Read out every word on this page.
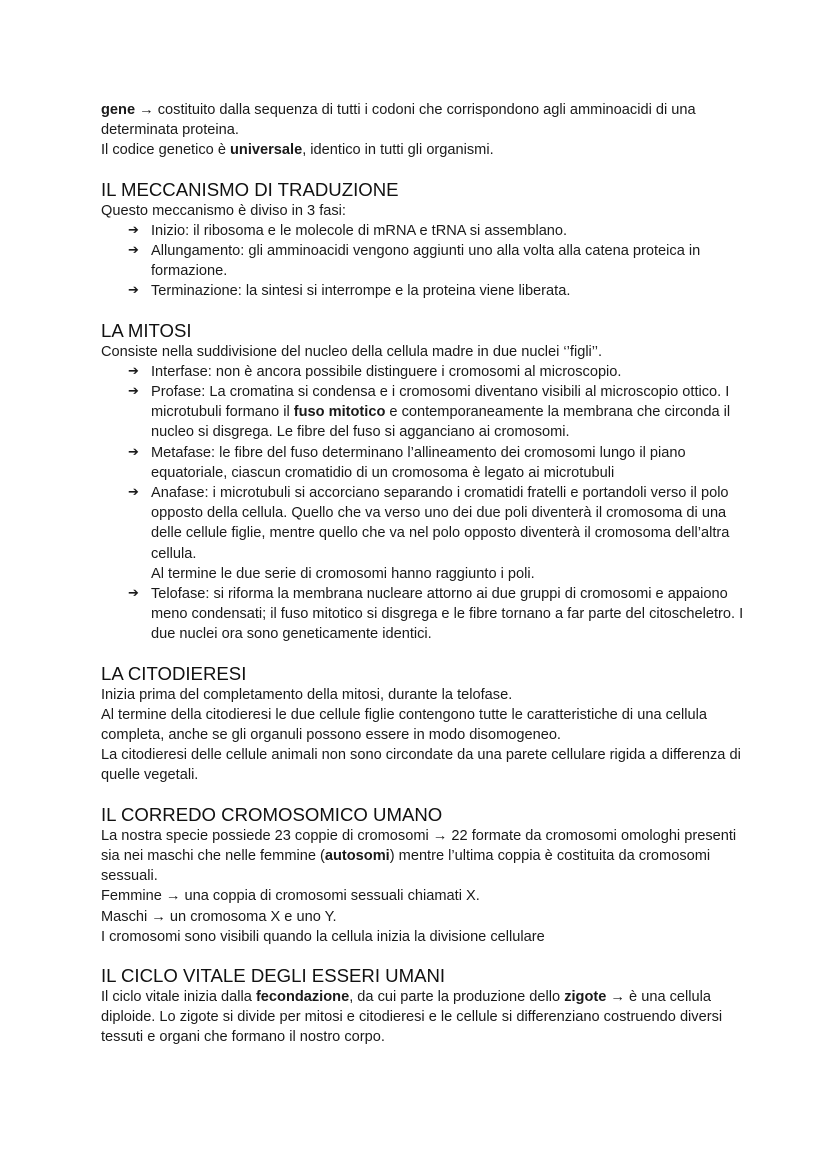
gene → costituito dalla sequenza di tutti i codoni che corrispondono agli amminoacidi di una determinata proteina.

Il codice genetico è universale, identico in tutti gli organismi.

IL MECCANISMO DI TRADUZIONE

Questo meccanismo è diviso in 3 fasi:

➔ Inizio: il ribosoma e le molecole di mRNA e tRNA si assemblano.
➔ Allungamento: gli amminoacidi vengono aggiunti uno alla volta alla catena proteica in formazione.
➔ Terminazione: la sintesi si interrompe e la proteina viene liberata.
LA MITOSI

Consiste nella suddivisione del nucleo della cellula madre in due nuclei ‘’figli’’.

➔ Interfase: non è ancora possibile distinguere i cromosomi al microscopio.
➔ Profase: La cromatina si condensa e i cromosomi diventano visibili al microscopio ottico. I microtubuli formano il fuso mitotico e contemporaneamente la membrana che circonda il nucleo si disgrega. Le fibre del fuso si agganciano ai cromosomi.
➔ Metafase: le fibre del fuso determinano l’allineamento dei cromosomi lungo il piano equatoriale, ciascun cromatidio di un cromosoma è legato ai microtubuli
➔ Anafase: i microtubuli si accorciano separando i cromatidi fratelli e portandoli verso il polo opposto della cellula. Quello che va verso uno dei due poli diventerà il cromosoma di una delle cellule figlie, mentre quello che va nel polo opposto diventerà il cromosoma dell’altra cellula.
Al termine le due serie di cromosomi hanno raggiunto i poli.
➔ Telofase: si riforma la membrana nucleare attorno ai due gruppi di cromosomi e appaiono meno condensati; il fuso mitotico si disgrega e le fibre tornano a far parte del citoscheletro. I due nuclei ora sono geneticamente identici.
LA CITODIERESI

Inizia prima del completamento della mitosi, durante la telofase.

Al termine della citodieresi le due cellule figlie contengono tutte le caratteristiche di una cellula completa, anche se gli organuli possono essere in modo disomogeneo.

La citodieresi delle cellule animali non sono circondate da una parete cellulare rigida a differenza di quelle vegetali.

IL CORREDO CROMOSOMICO UMANO

La nostra specie possiede 23 coppie di cromosomi → 22 formate da cromosomi omologhi presenti sia nei maschi che nelle femmine (autosomi) mentre l’ultima coppia è costituita da cromosomi sessuali.

Femmine → una coppia di cromosomi sessuali chiamati X.

Maschi → un cromosoma X e uno Y.

I cromosomi sono visibili quando la cellula inizia la divisione cellulare

IL CICLO VITALE DEGLI ESSERI UMANI

Il ciclo vitale inizia dalla fecondazione, da cui parte la produzione dello zigote → è una cellula diploide. Lo zigote si divide per mitosi e citodieresi e le cellule si differenziano costruendo diversi tessuti e organi che formano il nostro corpo.
